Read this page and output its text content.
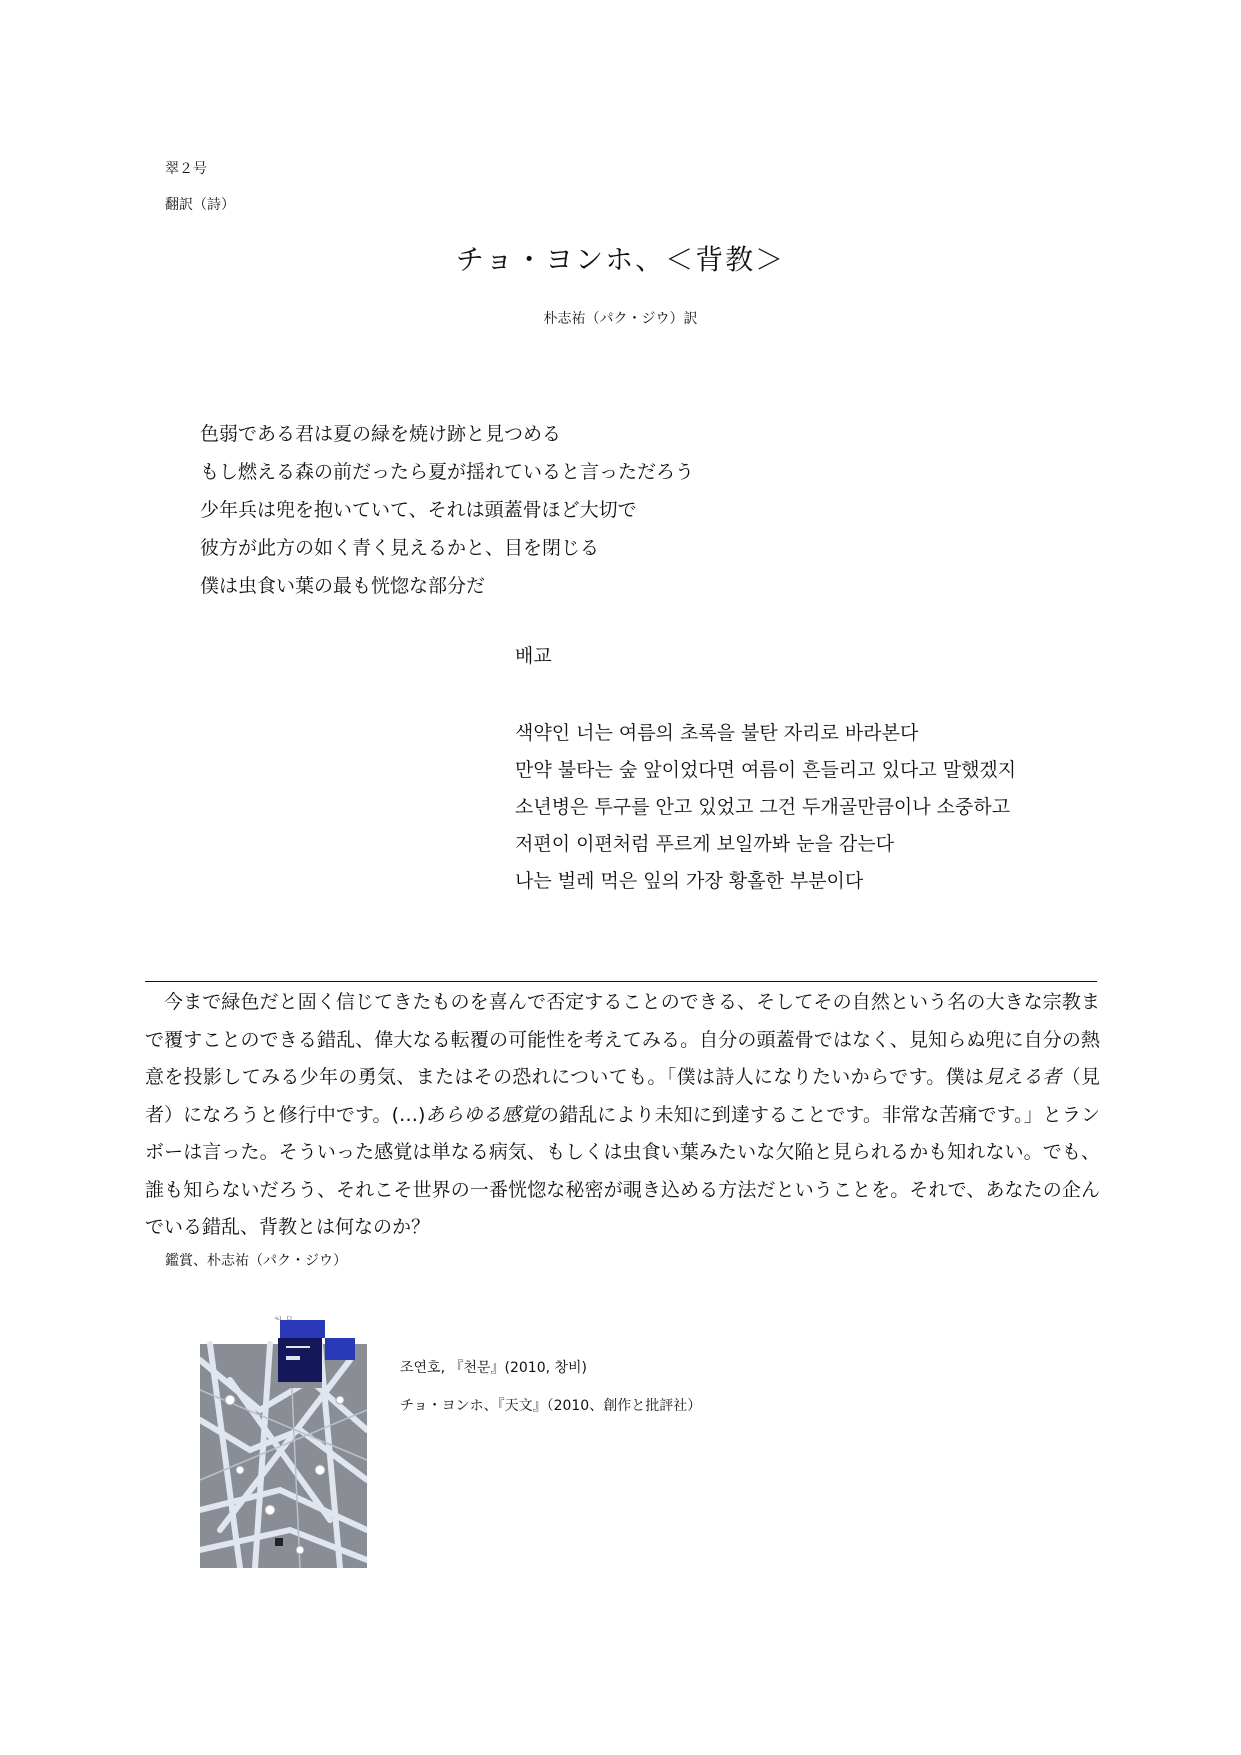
翠２号
翻訳（詩）
チョ・ヨンホ、＜背教＞
朴志祐（パク・ジウ）訳
色弱である君は夏の緑を焼け跡と見つめる
もし燃える森の前だったら夏が揺れていると言っただろう
少年兵は兜を抱いていて、それは頭蓋骨ほど大切で
彼方が此方の如く青く見えるかと、目を閉じる
僕は虫食い葉の最も恍惚な部分だ
배교
색약인 너는 여름의 초록을 불탄 자리로 바라본다
만약 불타는 숲 앞이었다면 여름이 흔들리고 있다고 말했겠지
소년병은 투구를 안고 있었고 그건 두개골만큼이나 소중하고
저편이 이편처럼 푸르게 보일까봐 눈을 감는다
나는 벌레 먹은 잎의 가장 황홀한 부분이다
今まで緑色だと固く信じてきたものを喜んで否定することのできる、そしてその自然という名の大きな宗教まで覆すことのできる錯乱、偉大なる転覆の可能性を考えてみる。自分の頭蓋骨ではなく、見知らぬ兜に自分の熱意を投影してみる少年の勇気、またはその恐れについても。「僕は詩人になりたいからです。僕は見える者（見者）になろうと修行中です。(…)あらゆる感覚の錯乱により未知に到達することです。非常な苦痛です。」とランボーは言った。そういった感覚は単なる病気、もしくは虫食い葉みたいな欠陥と見られるかも知れない。でも、誰も知らないだろう、それこそ世界の一番恍惚な秘密が覗き込める方法だということを。それで、あなたの企んでいる錯乱、背教とは何なのか？
鑑賞、朴志祐（パク・ジウ）
조연호, 『천문』(2010, 창비)
チョ・ヨンホ、『天文』（2010、創作と批評社）
